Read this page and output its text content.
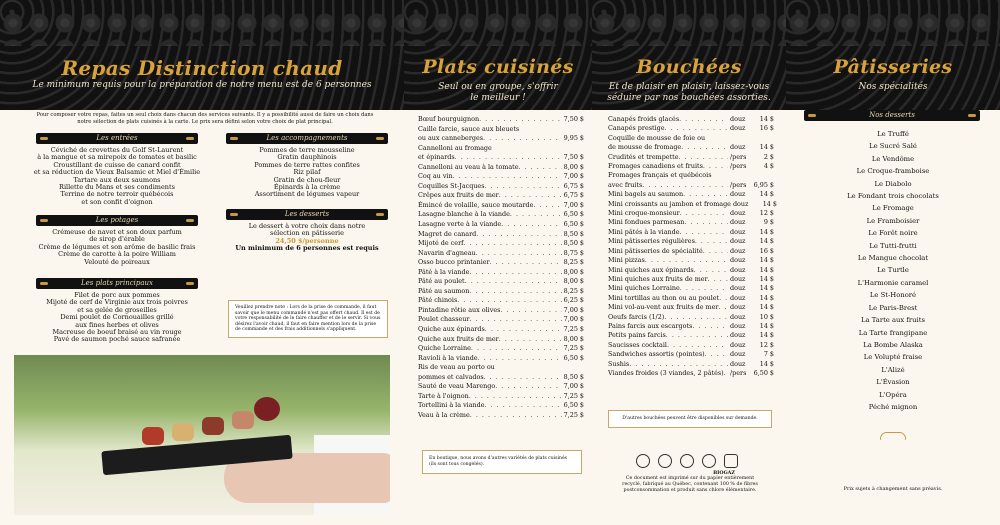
Repas Distinction chaud
Le minimum requis pour la préparation de notre menu est de 6 personnes
Pour composer votre repas, faites un seul choix dans chacun des services suivants. Il y a possibilité aussi de faire un choix dans notre sélection de plats cuisinés à la carte. Le prix sera défini selon votre choix de plat principal.
Les entrées
Céviché de crevettes du Golf St-Laurent
à la mangue et sa mirepoix de tomates et basilic
Croustillant de cuisse de canard confit
et sa réduction de Vieux Balsamic et Miel d'Émilie
Tartare aux deux saumons
Rillette du Mans et ses condiments
Terrine de notre terroir québécois
et son confit d'oignon
Les potages
Crémeuse de navet et son doux parfum
de sirop d'érable
Crème de légumes et son arôme de basilic frais
Crème de carotte à la poire William
Velouté de poireaux
Les plats principaux
Filet de porc aux pommes
Mijoté de cerf de Virginie aux trois poivres
et sa gelée de groseilles
Demi poulet de Cornouailles grillé
aux fines herbes et olives
Macreuse de boeuf braisé au vin rouge
Pavé de saumon poché sauce safranée
Les accompagnements
Pommes de terre mousseline
Gratin dauphinois
Pommes de terre rattes confites
Riz pilaf
Gratin de chou-fleur
Épinards à la crème
Assortiment de légumes vapeur
Les desserts
Le dessert à votre choix dans notre
sélection en pâtisserie
24,50 $/personne
Un minimum de 6 personnes est requis
Veuillez prendre note : Lors de la prise de commande, il faut savoir que le menu commandé n'est pas offert chaud. Il est de votre responsabilité de le faire chauffer et de le servir. Si vous désirez l'avoir chaud, il faut en faire mention lors de la prise de commande et des frais additionnels s'appliquent.
Plats cuisinés
Seul ou en groupe, s'offrir
le meilleur !
Bœuf bourguignon . . .	7,50 $
Caille farcie, sauce aux bleuets
ou aux canneberges . . .	9,95 $
Cannelloni au fromage
et épinards . . .	7,50 $
Cannelloni au veau à la tomate . . .	8,00 $
Coq au vin . . .	7,00 $
Coquilles St-Jacques . . .	6,75 $
Crêpes aux fruits de mer . . .	6,75 $
Émincé de volaille, sauce moutarde . . .	7,00 $
Lasagne blanche à la viande . . .	6,50 $
Lasagne verte à la viande . . .	6,50 $
Magret de canard . . .	8,50 $
Mijoté de cerf . . .	8,50 $
Navarin d'agneau . . .	8,75 $
Osso bucco printanier . . .	8,25 $
Pâté à la viande . . .	8,00 $
Pâté au poulet . . .	8,00 $
Pâté au saumon . . .	8,25 $
Pâté chinois . . .	6,25 $
Pintadine rôtie aux olives . . .	7,00 $
Poulet chasseur . . .	7,00 $
Quiche aux épinards . . .	7,25 $
Quiche aux fruits de mer . . .	8,00 $
Quiche Lorraine . . .	7,25 $
Ravioli à la viande . . .	6,50 $
Ris de veau au porto ou
pommes et calvados . . .	8,50 $
Sauté de veau Marengo . . .	7,00 $
Tarte à l'oignon . . .	7,25 $
Tortellini à la viande . . .	6,50 $
Veau à la crème . . .	7,25 $
En boutique, nous avons d'autres variétés de plats cuisinés (ils sont tous congelés).
Bouchées
Et de plaisir en plaisir, laissez-vous
séduire par nos bouchées assorties.
Canapés froids glacés . . .	douz	14 $
Canapés prestige . . .	douz	16 $
Coquille de mousse de foie ou
de mousse de fromage . . .	douz	14 $
Crudités et trempette . . .	/pers	2 $
Fromages canadiens et fruits . . .	/pers	4 $
Fromages français et québécois
avec fruits . . .	/pers	6,95 $
Mini bagels au saumon . . .	douz	14 $
Mini croissants au jambon et fromage douz	14 $
Mini croque-monsieur . . .	douz	12 $
Mini fondues parmesan . . .	douz	9 $
Mini pâtés à la viande . . .	douz	14 $
Mini pâtisseries régulières . . .	douz	14 $
Mini pâtisseries de spécialité . . .	douz	16 $
Mini pizzas . . .	douz	14 $
Mini quiches aux épinards . . .	douz	14 $
Mini quiches aux fruits de mer . . .	douz	14 $
Mini quiches Lorraine . . .	douz	14 $
Mini tortillas au thon ou au poulet . . .	douz	14 $
Mini vol-au-vent aux fruits de mer . . .	douz	14 $
Oeufs farcis (1/2) . . .	douz	10 $
Pains farcis aux escargots . . .	douz	14 $
Petits pains farcis . . .	douz	14 $
Saucisses cocktail . . .	douz	12 $
Sandwiches assortis (pointes) . . .	douz	7 $
Sushis . . .	douz	14 $
Viandes froides (3 viandes, 2 pâtés) . . . /pers	6,50 $
D'autres bouchées peuvent être disponibles sur demande.
BIOGAZ
Ce document est imprimé sur du papier entièrement recyclé, fabriqué au Québec, contenant 100 % de fibres postconsommation et produit sans chlore élémentaire.
Pâtisseries
Nos spécialités
Nos desserts
Le Truffé
Le Sucré Salé
Le Vendôme
Le Croque-framboise
Le Diabolo
Le Fondant trois chocolats
Le Fromage
Le Framboisier
Le Forêt noire
Le Tutti-frutti
Le Mangue chocolat
Le Turtle
L'Harmonie caramel
Le St-Honoré
Le Paris-Brest
La Tarte aux fruits
La Tarte frangipane
La Bombe Alaska
Le Volupté fraise
L'Alizé
L'Évasion
L'Opéra
Péché mignon
Prix sujets à changement sans préavis.
